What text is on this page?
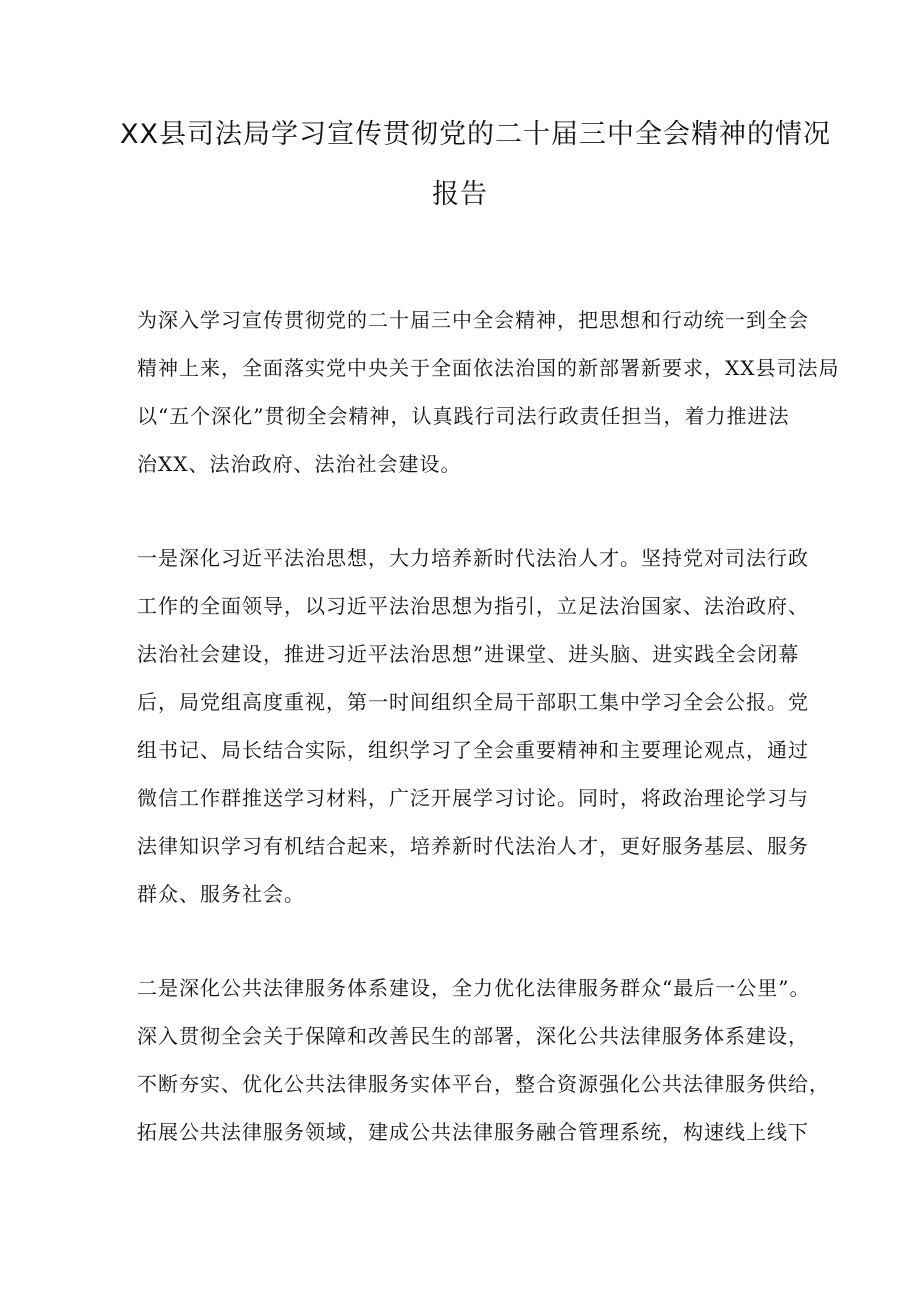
XX县司法局学习宣传贯彻党的二十届三中全会精神的情况
报告
为深入学习宣传贯彻党的二十届三中全会精神，把思想和行动统一到全会
精神上来，全面落实党中央关于全面依法治国的新部署新要求，XX县司法局
以“五个深化”贯彻全会精神，认真践行司法行政责任担当，着力推进法
治XX、法治政府、法治社会建设。
一是深化习近平法治思想，大力培养新时代法治人才。坚持党对司法行政
工作的全面领导，以习近平法治思想为指引，立足法治国家、法治政府、
法治社会建设，推进习近平法治思想”进课堂、进头脑、进实践全会闭幕
后，局党组高度重视，第一时间组织全局干部职工集中学习全会公报。党
组书记、局长结合实际，组织学习了全会重要精神和主要理论观点，通过
微信工作群推送学习材料，广泛开展学习讨论。同时，将政治理论学习与
法律知识学习有机结合起来，培养新时代法治人才，更好服务基层、服务
群众、服务社会。
二是深化公共法律服务体系建设，全力优化法律服务群众“最后一公里”。
深入贯彻全会关于保障和改善民生的部署，深化公共法律服务体系建设，
不断夯实、优化公共法律服务实体平台，整合资源强化公共法律服务供给，
拓展公共法律服务领域，建成公共法律服务融合管理系统，构速线上线下
